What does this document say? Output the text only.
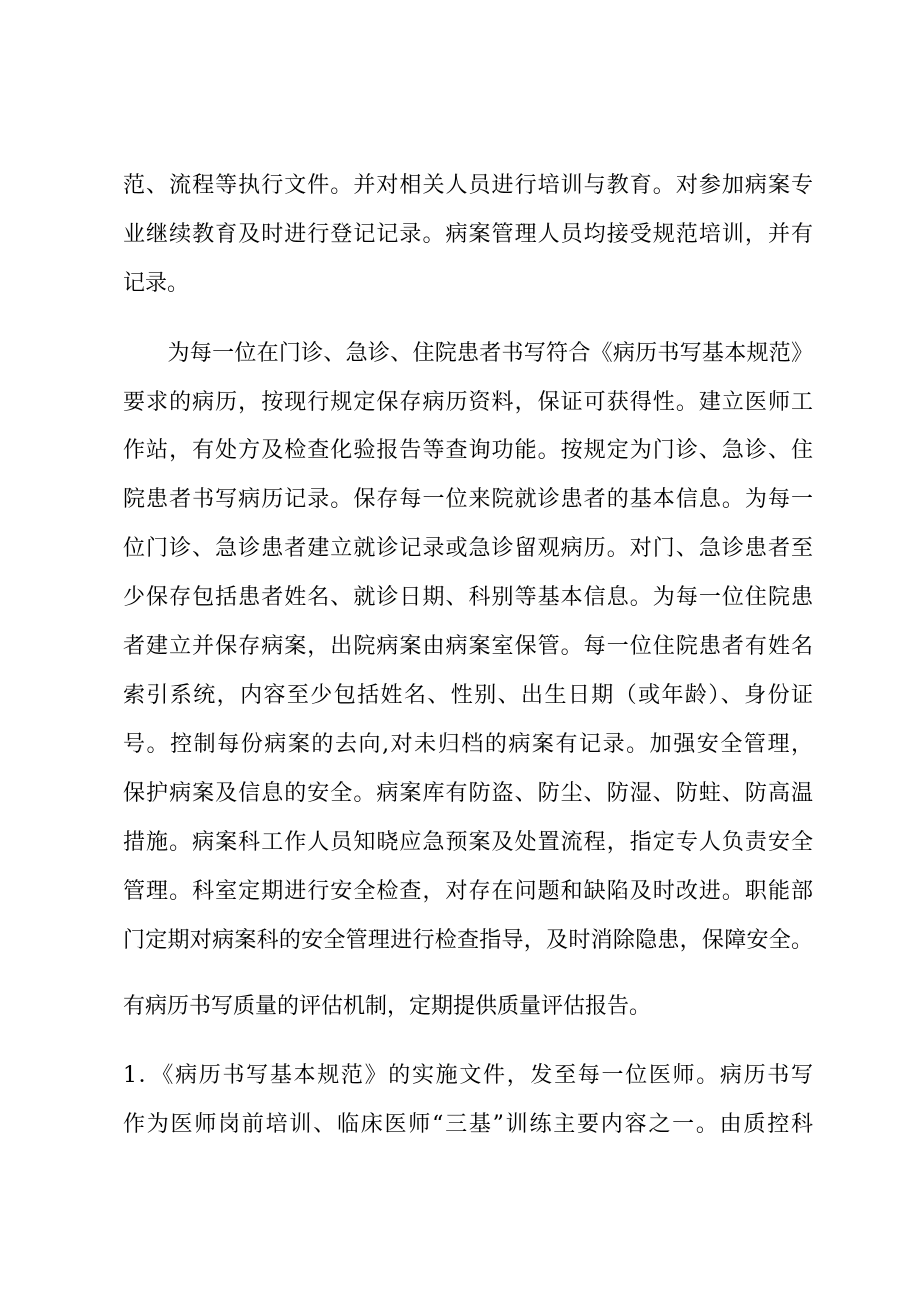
范、流程等执行文件。并对相关人员进行培训与教育。对参加病案专
业继续教育及时进行登记记录。病案管理人员均接受规范培训，并有
记录。
　　为每一位在门诊、急诊、住院患者书写符合《病历书写基本规范》
要求的病历，按现行规定保存病历资料，保证可获得性。建立医师工
作站，有处方及检查化验报告等查询功能。按规定为门诊、急诊、住
院患者书写病历记录。保存每一位来院就诊患者的基本信息。为每一
位门诊、急诊患者建立就诊记录或急诊留观病历。对门、急诊患者至
少保存包括患者姓名、就诊日期、科别等基本信息。为每一位住院患
者建立并保存病案，出院病案由病案室保管。每一位住院患者有姓名
索引系统，内容至少包括姓名、性别、出生日期（或年龄）、身份证
号。控制每份病案的去向,对未归档的病案有记录。加强安全管理，
保护病案及信息的安全。病案库有防盗、防尘、防湿、防蛀、防高温
措施。病案科工作人员知晓应急预案及处置流程，指定专人负责安全
管理。科室定期进行安全检查，对存在问题和缺陷及时改进。职能部
门定期对病案科的安全管理进行检查指导，及时消除隐患，保障安全。
有病历书写质量的评估机制，定期提供质量评估报告。
1．《病历书写基本规范》的实施文件，发至每一位医师。病历书写
作为医师岗前培训、临床医师“三基”训练主要内容之一。由质控科
